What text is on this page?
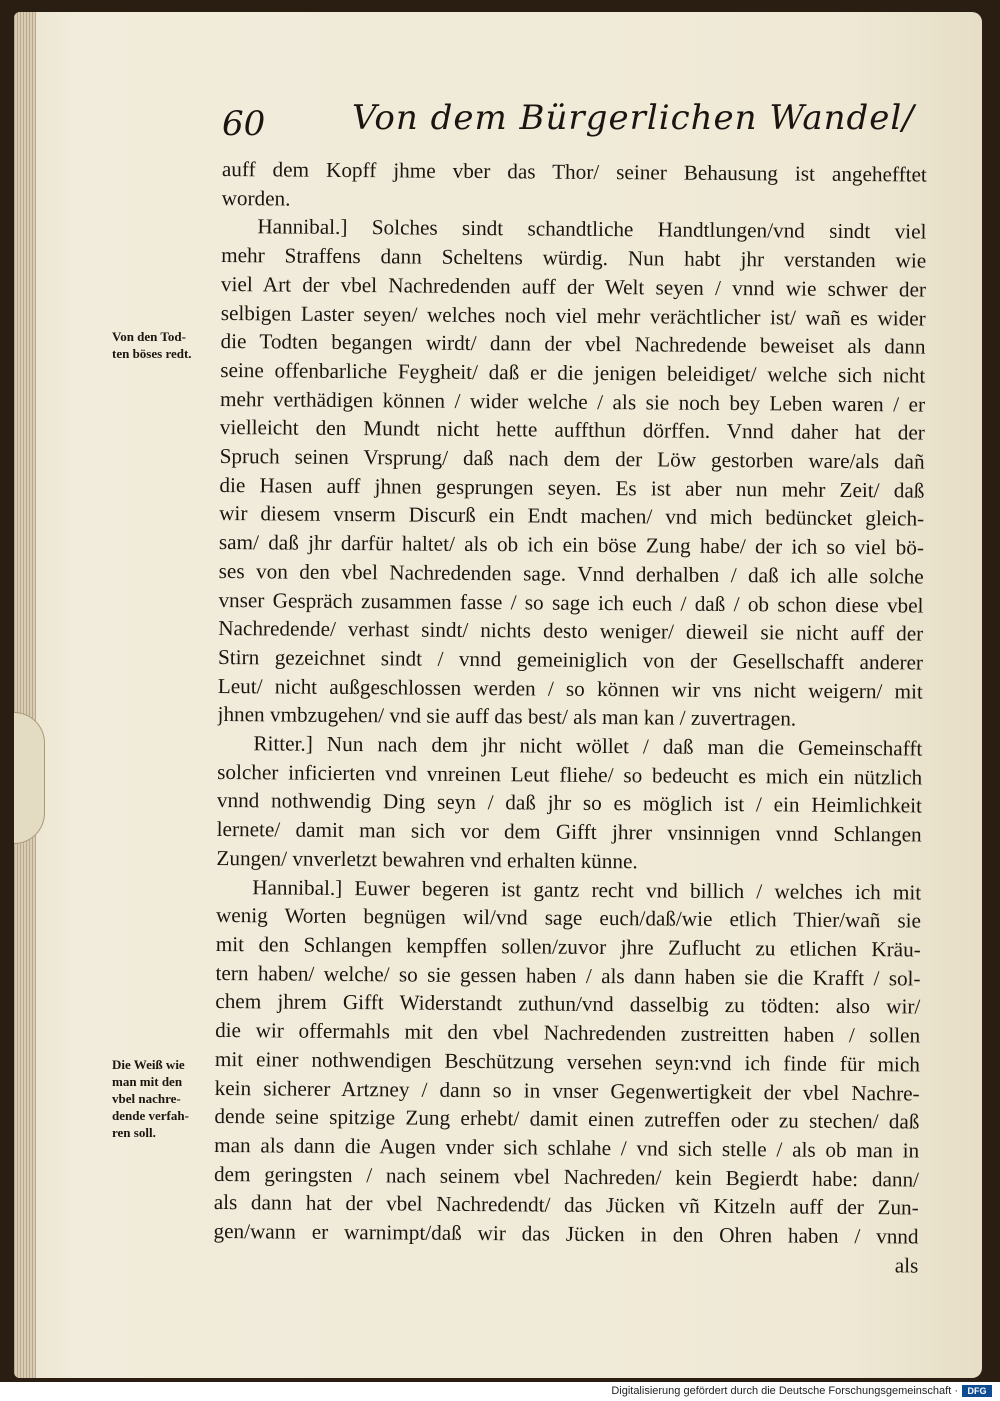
60	Von dem Bürgerlichen Wandel/
auff dem Kopff jhme vber das Thor/ seiner Behausung ist angehefftet
worden.
Hannibal.] Solches sindt schandtliche Handtlungen/vnd sindt viel
mehr Straffens dann Scheltens würdig. Nun habt jhr verstanden wie
viel Art der vbel Nachredenden auff der Welt seyen / vnnd wie schwer der
selbigen Laster seyen/ welches noch viel mehr verächtlicher ist/ wañ es wider
die Todten begangen wirdt/ dann der vbel Nachredende beweiset als dann
seine offenbarliche Feygheit/ daß er die jenigen beleidiget/ welche sich nicht
mehr verthädigen können / wider welche / als sie noch bey Leben waren / er
vielleicht den Mundt nicht hette auffthun dörffen. Vnnd daher hat der
Spruch seinen Vrsprung/ daß nach dem der Löw gestorben ware/als dañ
die Hasen auff jhnen gesprungen seyen. Es ist aber nun mehr Zeit/ daß
wir diesem vnserm Discurß ein Endt machen/ vnd mich bedüncket gleich-
sam/ daß jhr darfür haltet/ als ob ich ein böse Zung habe/ der ich so viel bö-
ses von den vbel Nachredenden sage. Vnnd derhalben / daß ich alle solche
vnser Gespräch zusammen fasse / so sage ich euch / daß / ob schon diese vbel
Nachredende/ verhast sindt/ nichts desto weniger/ dieweil sie nicht auff der
Stirn gezeichnet sindt / vnnd gemeiniglich von der Gesellschafft anderer
Leut/ nicht außgeschlossen werden / so können wir vns nicht weigern/ mit
jhnen vmbzugehen/ vnd sie auff das best/ als man kan / zuvertragen.
Ritter.] Nun nach dem jhr nicht wöllet / daß man die Gemeinschafft
solcher inficierten vnd vnreinen Leut fliehe/ so bedeucht es mich ein nützlich
vnnd nothwendig Ding seyn / daß jhr so es möglich ist / ein Heimlichkeit
lernete/ damit man sich vor dem Gifft jhrer vnsinnigen vnnd Schlangen
Zungen/ vnverletzt bewahren vnd erhalten künne.
Hannibal.] Euwer begeren ist gantz recht vnd billich / welches ich mit
wenig Worten begnügen wil/vnd sage euch/daß/wie etlich Thier/wañ sie
mit den Schlangen kempffen sollen/zuvor jhre Zuflucht zu etlichen Kräu-
tern haben/ welche/ so sie gessen haben / als dann haben sie die Krafft / sol-
chem jhrem Gifft Widerstandt zuthun/vnd dasselbig zu tödten: also wir/
die wir offermahls mit den vbel Nachredenden zustreitten haben / sollen
mit einer nothwendigen Beschützung versehen seyn:vnd ich finde für mich
kein sicherer Artzney / dann so in vnser Gegenwertigkeit der vbel Nachre-
dende seine spitzige Zung erhebt/ damit einen zutreffen oder zu stechen/ daß
man als dann die Augen vnder sich schlahe / vnd sich stelle / als ob man in
dem geringsten / nach seinem vbel Nachreden/ kein Begierdt habe: dann/
als dann hat der vbel Nachredendt/ das Jücken vñ Kitzeln auff der Zun-
gen/wann er warnimpt/daß wir das Jücken in den Ohren haben / vnnd
als
Von den Tod-
ten böses redt.
Die Weiß wie
man mit den
vbel nachre-
dende verfah-
ren soll.
Digitalisierung gefördert durch die Deutsche Forschungsgemeinschaft ·	DFG
